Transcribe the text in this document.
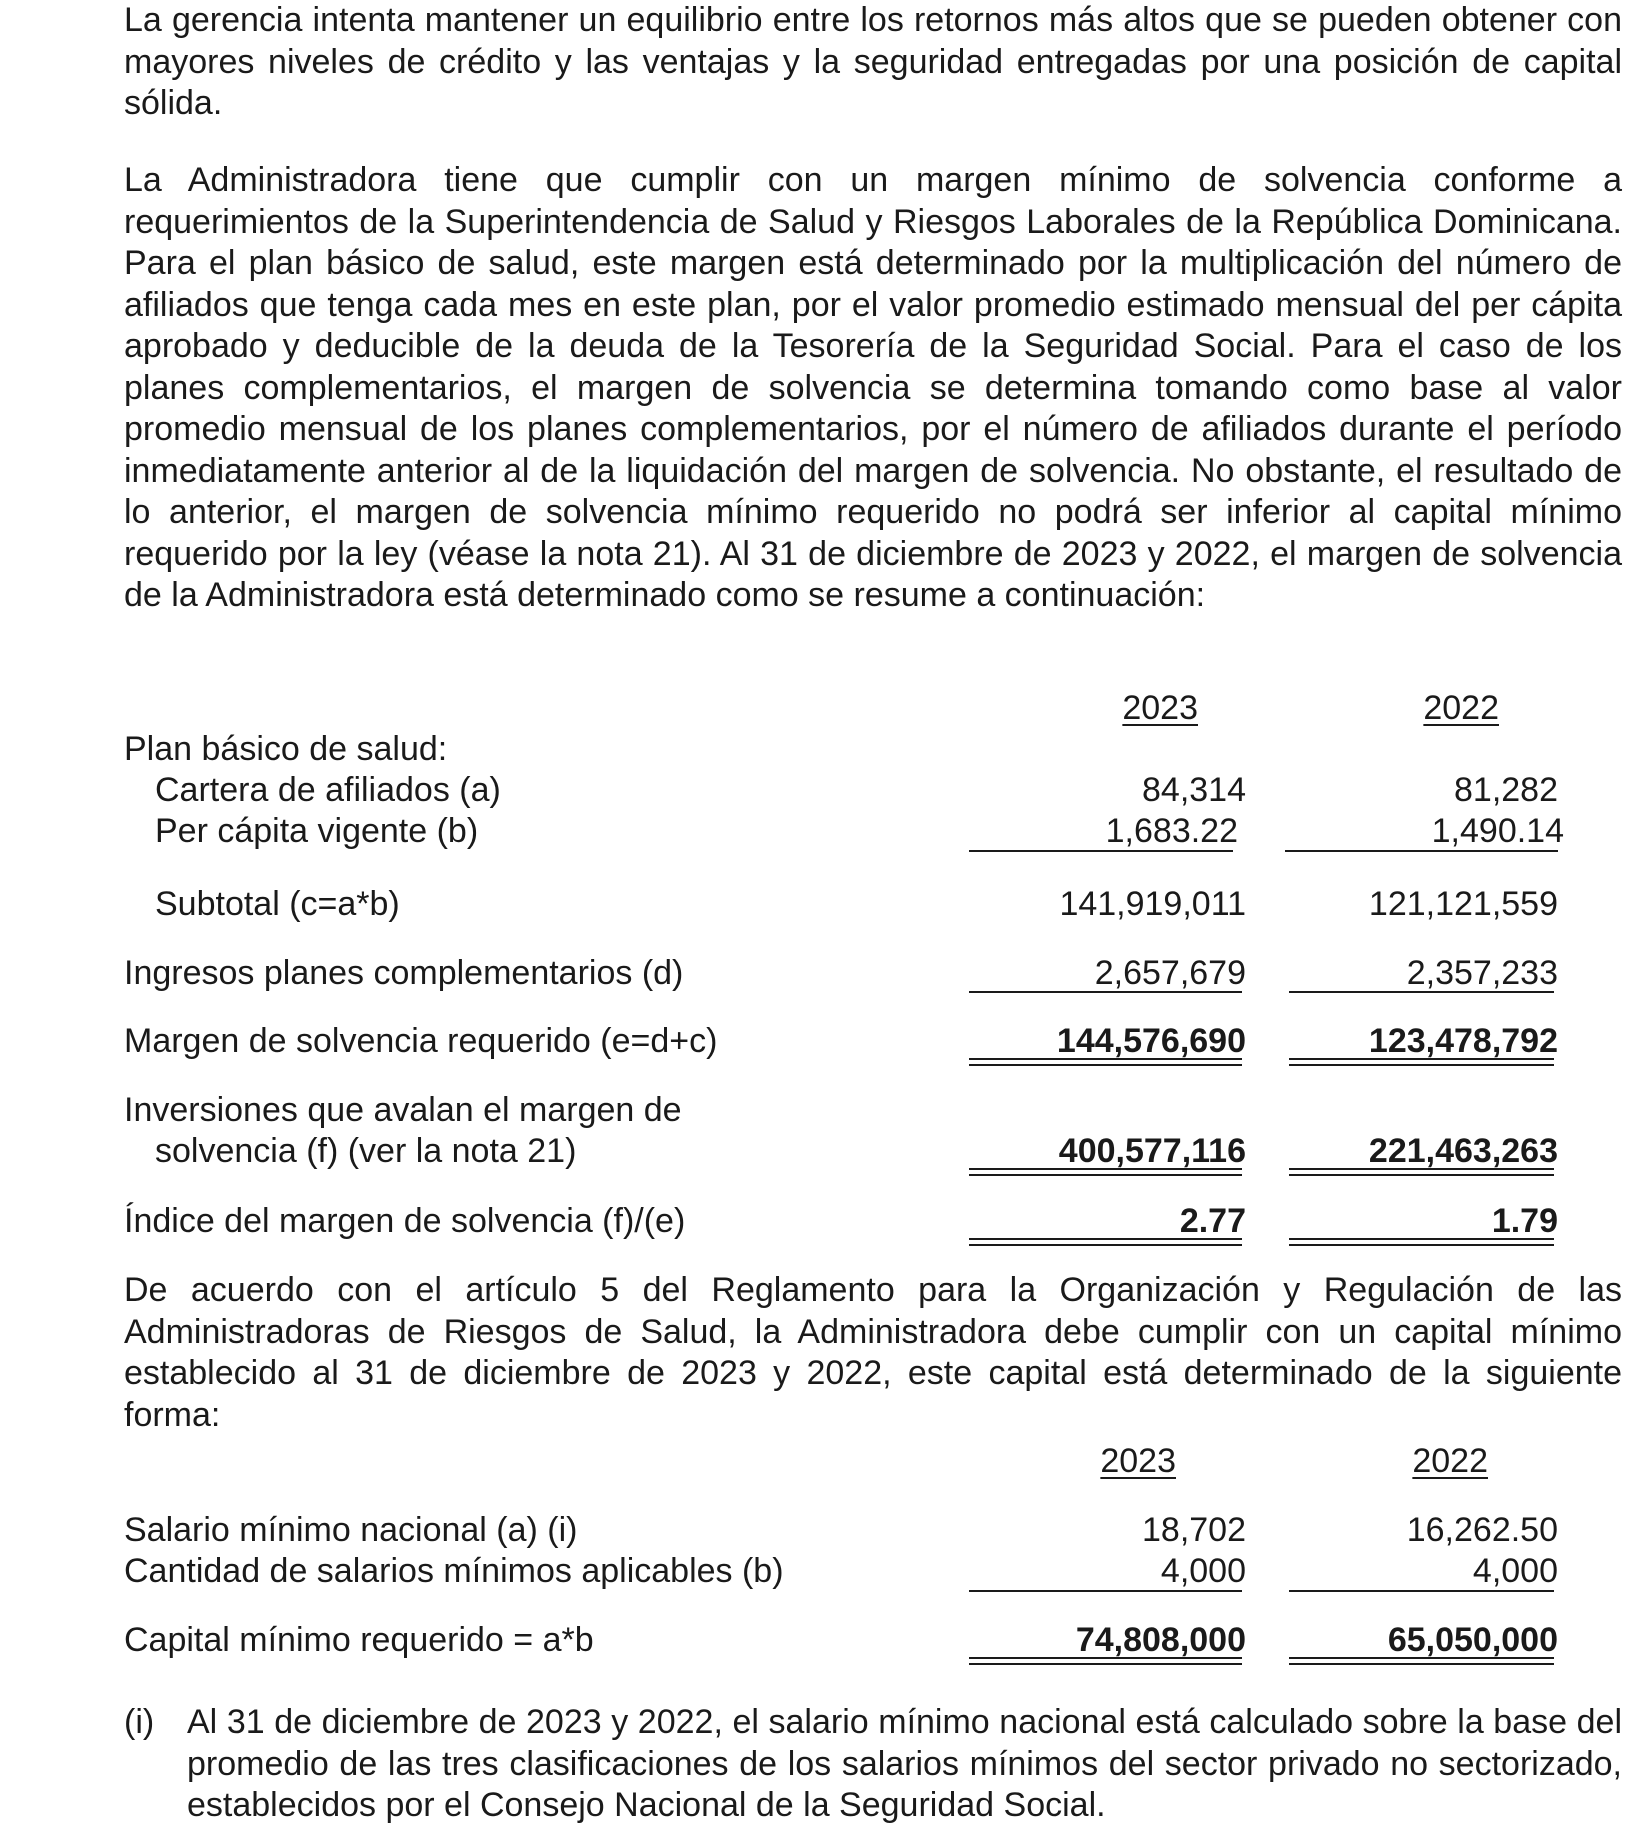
La gerencia intenta mantener un equilibrio entre los retornos más altos que se pueden obtener con mayores niveles de crédito y las ventajas y la seguridad entregadas por una posición de capital sólida.

La Administradora tiene que cumplir con un margen mínimo de solvencia conforme a requerimientos de la Superintendencia de Salud y Riesgos Laborales de la República Dominicana. Para el plan básico de salud, este margen está determinado por la multiplicación del número de afiliados que tenga cada mes en este plan, por el valor promedio estimado mensual del per cápita aprobado y deducible de la deuda de la Tesorería de la Seguridad Social. Para el caso de los planes complementarios, el margen de solvencia se determina tomando como base al valor promedio mensual de los planes complementarios, por el número de afiliados durante el período inmediatamente anterior al de la liquidación del margen de solvencia. No obstante, el resultado de lo anterior, el margen de solvencia mínimo requerido no podrá ser inferior al capital mínimo requerido por la ley (véase la nota 21). Al 31 de diciembre de 2023 y 2022, el margen de solvencia de la Administradora está determinado como se resume a continuación:

2023	2022
Plan básico de salud:
Cartera de afiliados (a)	84,314	81,282
Per cápita vigente (b)	1,683.22	1,490.14
Subtotal (c=a*b)	141,919,011	121,121,559
Ingresos planes complementarios (d)	2,657,679	2,357,233
Margen de solvencia requerido (e=d+c)	144,576,690	123,478,792
Inversiones que avalan el margen de
solvencia (f) (ver la nota 21)	400,577,116	221,463,263
Índice del margen de solvencia (f)/(e)	2.77	1.79

De acuerdo con el artículo 5 del Reglamento para la Organización y Regulación de las Administradoras de Riesgos de Salud, la Administradora debe cumplir con un capital mínimo establecido al 31 de diciembre de 2023 y 2022, este capital está determinado de la siguiente forma:

2023	2022
Salario mínimo nacional (a) (i)	18,702	16,262.50
Cantidad de salarios mínimos aplicables (b)	4,000	4,000
Capital mínimo requerido = a*b	74,808,000	65,050,000
(i) Al 31 de diciembre de 2023 y 2022, el salario mínimo nacional está calculado sobre la base del promedio de las tres clasificaciones de los salarios mínimos del sector privado no sectorizado, establecidos por el Consejo Nacional de la Seguridad Social.
